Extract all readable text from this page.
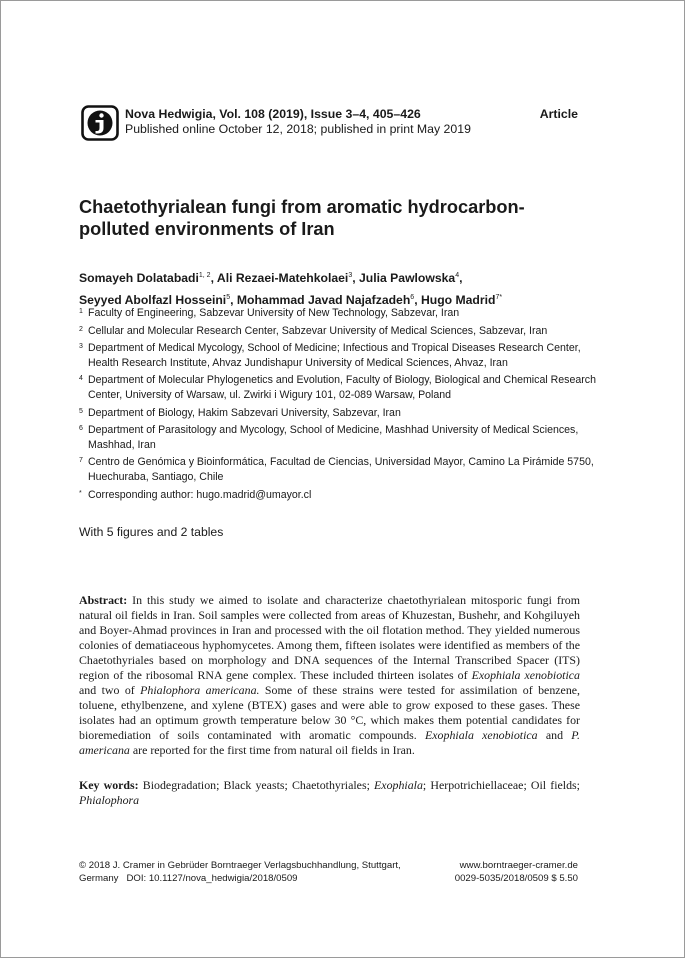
Nova Hedwigia, Vol. 108 (2019), Issue 3–4, 405–426
Published online October 12, 2018; published in print May 2019
Article
Chaetothyrialean fungi from aromatic hydrocarbon-
polluted environments of Iran
Somayeh Dolatabadi$^{1, 2}$, Ali Rezaei-Matehkolaei$^3$, Julia Pawlowska$^4$,
Seyyed Abolfazl Hosseini$^5$, Mohammad Javad Najafzadeh$^6$, Hugo Madrid$^{7*}$
1 Faculty of Engineering, Sabzevar University of New Technology, Sabzevar, Iran
2 Cellular and Molecular Research Center, Sabzevar University of Medical Sciences, Sabzevar, Iran
3 Department of Medical Mycology, School of Medicine; Infectious and Tropical Diseases Research Center, Health Research Institute, Ahvaz Jundishapur University of Medical Sciences, Ahvaz, Iran
4 Department of Molecular Phylogenetics and Evolution, Faculty of Biology, Biological and Chemical Research Center, University of Warsaw, ul. Zwirki i Wigury 101, 02-089 Warsaw, Poland
5 Department of Biology, Hakim Sabzevari University, Sabzevar, Iran
6 Department of Parasitology and Mycology, School of Medicine, Mashhad University of Medical Sciences, Mashhad, Iran
7 Centro de Genómica y Bioinformática, Facultad de Ciencias, Universidad Mayor, Camino La Pirámide 5750, Huechuraba, Santiago, Chile
* Corresponding author: hugo.madrid@umayor.cl
With 5 figures and 2 tables
Abstract: In this study we aimed to isolate and characterize chaetothyrialean mitosporic fungi from natural oil fields in Iran. Soil samples were collected from areas of Khuzestan, Bushehr, and Kohgiluyeh and Boyer-Ahmad provinces in Iran and processed with the oil flotation method. They yielded numerous colonies of dematiaceous hyphomycetes. Among them, fifteen isolates were identified as members of the Chaetothyriales based on morphology and DNA sequences of the Internal Transcribed Spacer (ITS) region of the ribosomal RNA gene complex. These included thirteen isolates of Exophiala xenobiotica and two of Phialophora americana. Some of these strains were tested for assimilation of benzene, toluene, ethylbenzene, and xylene (BTEX) gases and were able to grow exposed to these gases. These isolates had an optimum growth temperature below 30 °C, which makes them potential candidates for bioremediation of soils contaminated with aromatic compounds. Exophiala xenobiotica and P. americana are reported for the first time from natural oil fields in Iran.
Key words: Biodegradation; Black yeasts; Chaetothyriales; Exophiala; Herpotrichiellaceae; Oil fields; Phialophora
© 2018 J. Cramer in Gebrüder Borntraeger Verlagsbuchhandlung, Stuttgart,
Germany   DOI: 10.1127/nova_hedwigia/2018/0509
www.borntraeger-cramer.de
0029-5035/2018/0509 $ 5.50
